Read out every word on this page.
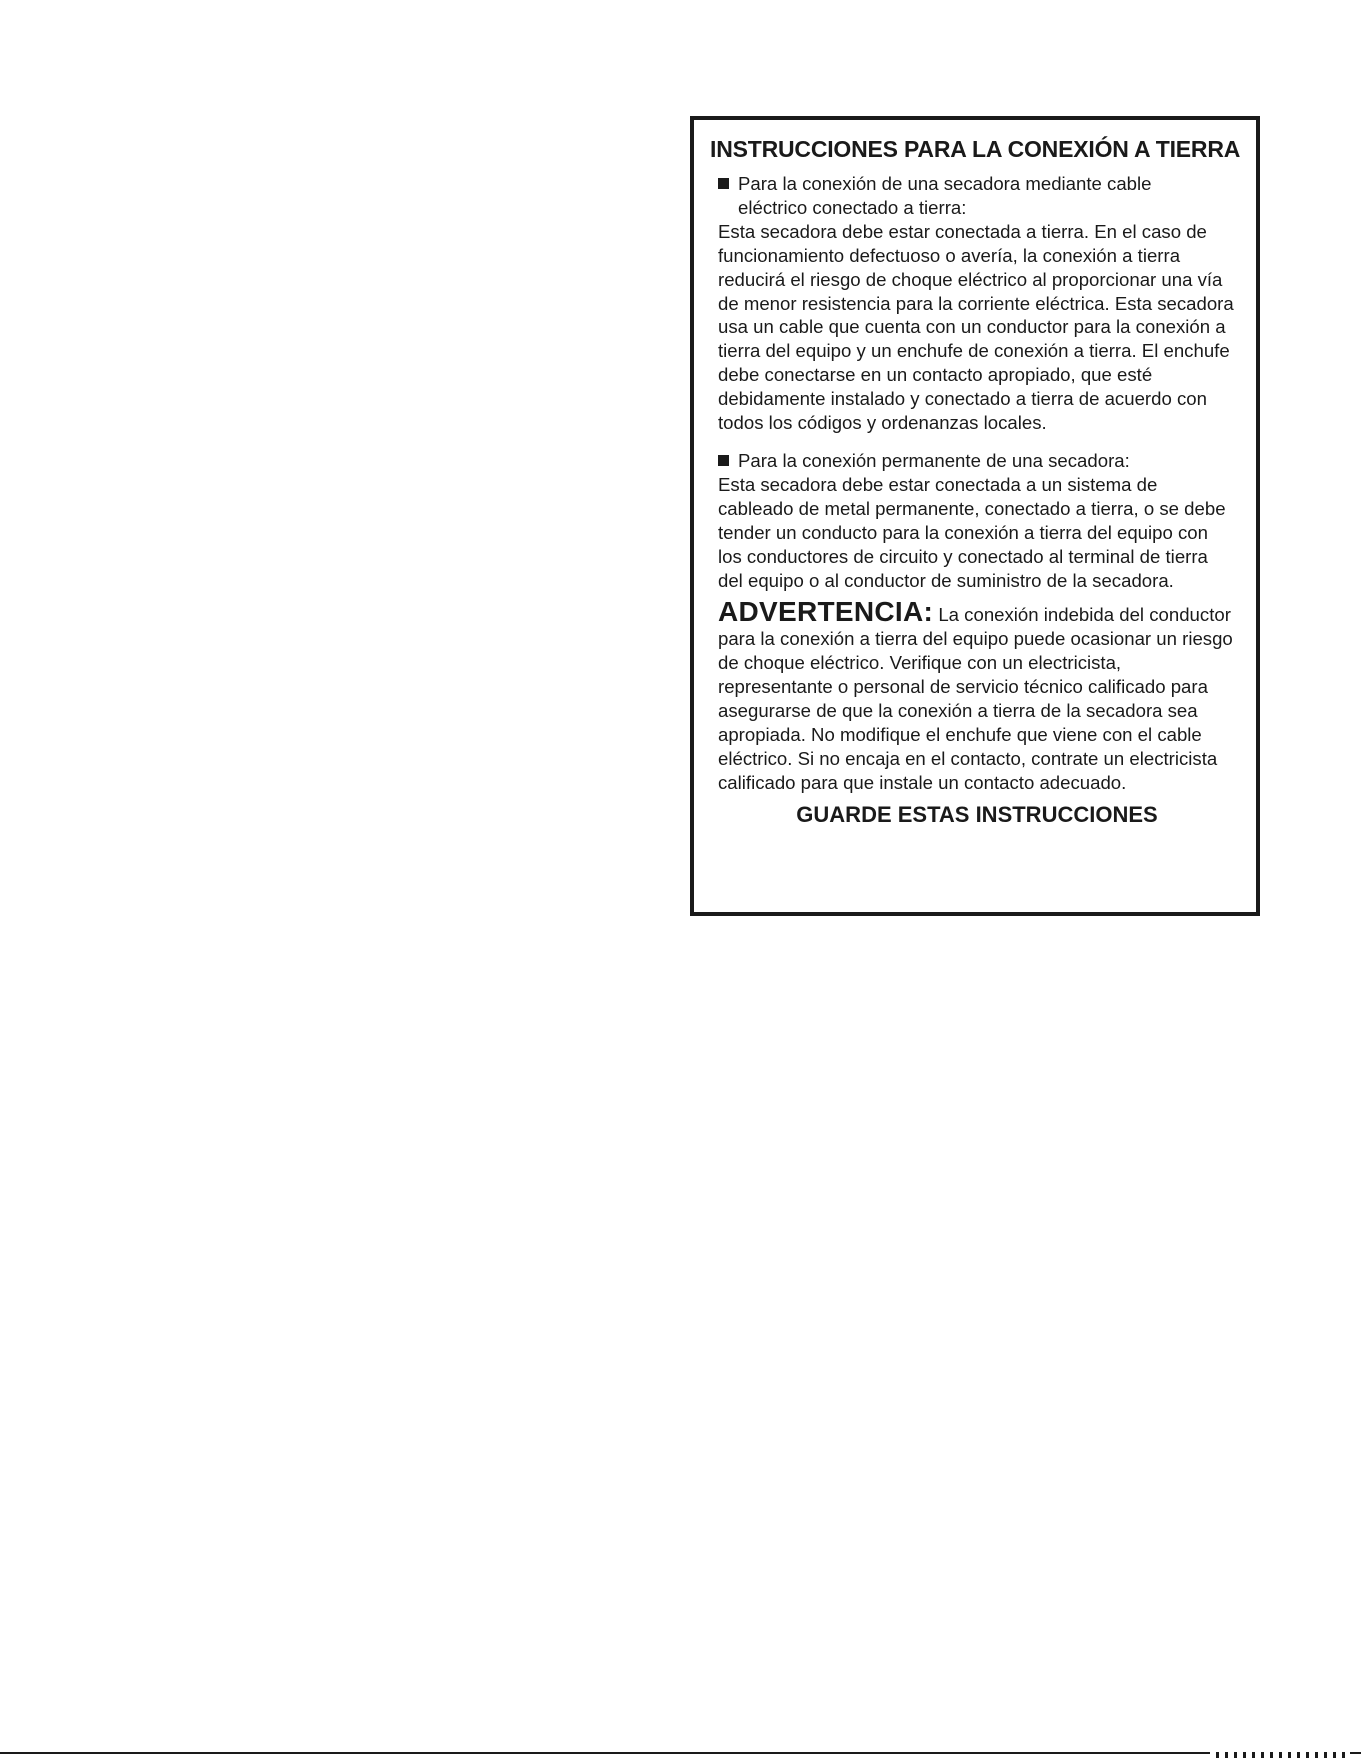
INSTRUCCIONES PARA LA CONEXIÓN A TIERRA
Para la conexión de una secadora mediante cable
eléctrico conectado a tierra:

Esta secadora debe estar conectada a tierra. En el caso de funcionamiento defectuoso o avería, la conexión a tierra reducirá el riesgo de choque eléctrico al proporcionar una vía de menor resistencia para la corriente eléctrica. Esta secadora usa un cable que cuenta con un conductor para la conexión a tierra del equipo y un enchufe de conexión a tierra. El enchufe debe conectarse en un contacto apropiado, que esté debidamente instalado y conectado a tierra de acuerdo con todos los códigos y ordenanzas locales.

Para la conexión permanente de una secadora:

Esta secadora debe estar conectada a un sistema de cableado de metal permanente, conectado a tierra, o se debe tender un conducto para la conexión a tierra del equipo con los conductores de circuito y conectado al terminal de tierra del equipo o al conductor de suministro de la secadora.

ADVERTENCIA: La conexión indebida del conductor para la conexión a tierra del equipo puede ocasionar un riesgo de choque eléctrico. Verifique con un electricista, representante o personal de servicio técnico calificado para asegurarse de que la conexión a tierra de la secadora sea apropiada. No modifique el enchufe que viene con el cable eléctrico. Si no encaja en el contacto, contrate un electricista calificado para que instale un contacto adecuado.

GUARDE ESTAS INSTRUCCIONES
